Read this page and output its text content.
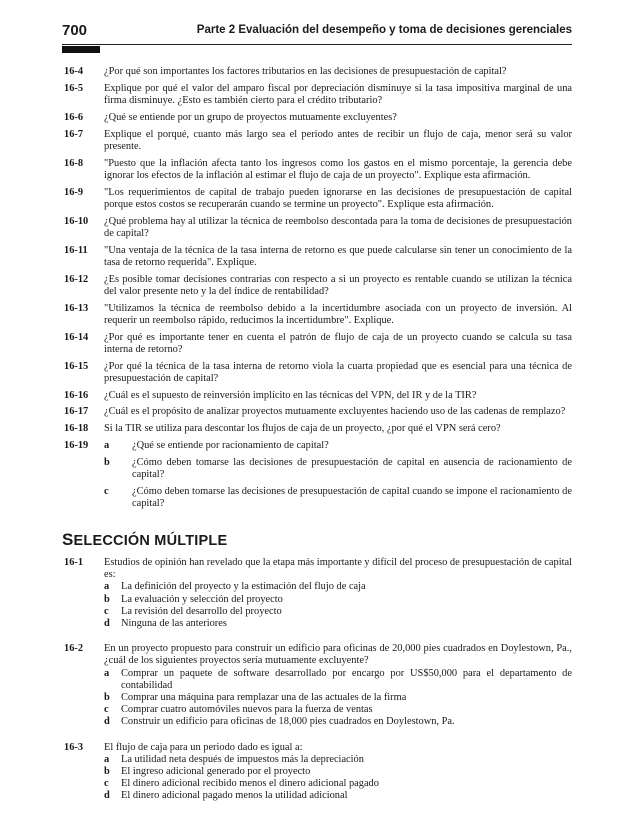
700	Parte 2 Evaluación del desempeño y toma de decisiones gerenciales
16-4	¿Por qué son importantes los factores tributarios en las decisiones de presupuestación de capital?
16-5	Explique por qué el valor del amparo fiscal por depreciación disminuye si la tasa impositiva marginal de una firma disminuye. ¿Esto es también cierto para el crédito tributario?
16-6	¿Qué se entiende por un grupo de proyectos mutuamente excluyentes?
16-7	Explique el porqué, cuanto más largo sea el periodo antes de recibir un flujo de caja, menor será su valor presente.
16-8	"Puesto que la inflación afecta tanto los ingresos como los gastos en el mismo porcentaje, la gerencia debe ignorar los efectos de la inflación al estimar el flujo de caja de un proyecto". Explique esta afirmación.
16-9	"Los requerimientos de capital de trabajo pueden ignorarse en las decisiones de presupuestación de capital porque estos costos se recuperarán cuando se termine un proyecto". Explique esta afirmación.
16-10	¿Qué problema hay al utilizar la técnica de reembolso descontada para la toma de decisiones de presupuestación de capital?
16-11	"Una ventaja de la técnica de la tasa interna de retorno es que puede calcularse sin tener un conocimiento de la tasa de retorno requerida". Explique.
16-12	¿Es posible tomar decisiones contrarias con respecto a si un proyecto es rentable cuando se utilizan la técnica del valor presente neto y la del índice de rentabilidad?
16-13	"Utilizamos la técnica de reembolso debido a la incertidumbre asociada con un proyecto de inversión. Al requerir un reembolso rápido, reducimos la incertidumbre". Explique.
16-14	¿Por qué es importante tener en cuenta el patrón de flujo de caja de un proyecto cuando se calcula su tasa interna de retorno?
16-15	¿Por qué la técnica de la tasa interna de retorno viola la cuarta propiedad que es esencial para una técnica de presupuestación de capital?
16-16	¿Cuál es el supuesto de reinversión implícito en las técnicas del VPN, del IR y de la TIR?
16-17	¿Cuál es el propósito de analizar proyectos mutuamente excluyentes haciendo uso de las cadenas de remplazo?
16-18	Si la TIR se utiliza para descontar los flujos de caja de un proyecto, ¿por qué el VPN será cero?
16-19	a	¿Qué se entiende por racionamiento de capital?
b	¿Cómo deben tomarse las decisiones de presupuestación de capital en ausencia de racionamiento de capital?
c	¿Cómo deben tomarse las decisiones de presupuestación de capital cuando se impone el racionamiento de capital?
SELECCIÓN MÚLTIPLE
16-1	Estudios de opinión han revelado que la etapa más importante y difícil del proceso de presupuestación de capital es:
a	La definición del proyecto y la estimación del flujo de caja
b	La evaluación y selección del proyecto
c	La revisión del desarrollo del proyecto
d	Ninguna de las anteriores
16-2	En un proyecto propuesto para construir un edificio para oficinas de 20,000 pies cuadrados en Doylestown, Pa., ¿cuál de los siguientes proyectos sería mutuamente excluyente?
a	Comprar un paquete de software desarrollado por encargo por US$50,000 para el departamento de contabilidad
b	Comprar una máquina para remplazar una de las actuales de la firma
c	Comprar cuatro automóviles nuevos para la fuerza de ventas
d	Construir un edificio para oficinas de 18,000 pies cuadrados en Doylestown, Pa.
16-3	El flujo de caja para un periodo dado es igual a:
a	La utilidad neta después de impuestos más la depreciación
b	El ingreso adicional generado por el proyecto
c	El dinero adicional recibido menos el dinero adicional pagado
d	El dinero adicional pagado menos la utilidad adicional
